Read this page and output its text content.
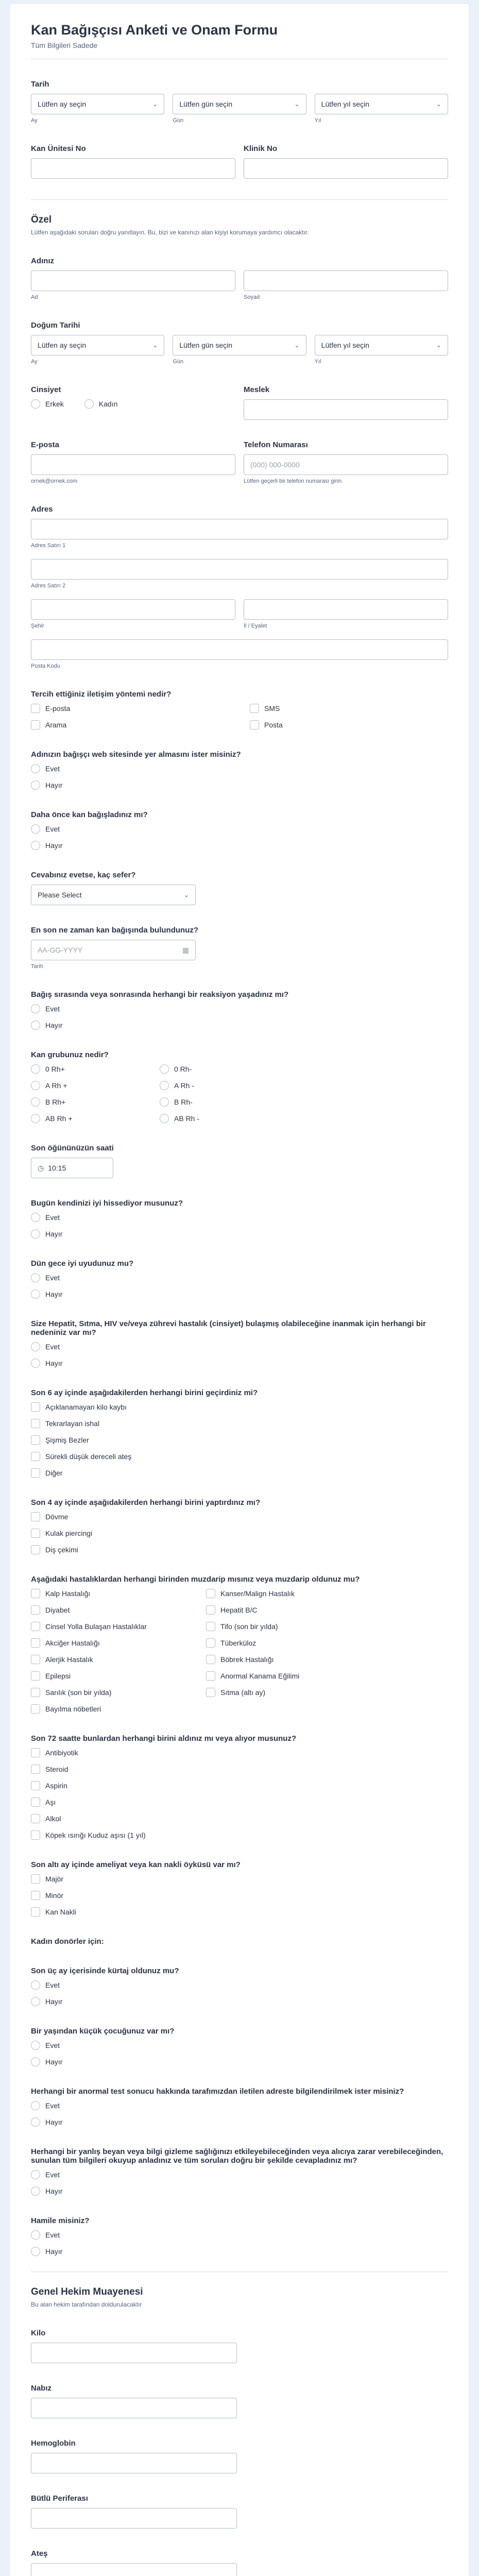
Kan Bağışçısı Anketi ve Onam Formu
Tüm Bilgileri Sadede
Tarih
Lütfen ay seçin	⌄
Ay
Lütfen gün seçin	⌄
Gün
Lütfen yıl seçin	⌄
Yıl
Kan Ünitesi No	Klinik No
Özel
Lütfen aşağıdaki soruları doğru yanıtlayın. Bu, bizi ve kanınızı alan kişiyi korumaya yardımcı olacaktır.
Adınız
Ad	Soyad
Doğum Tarihi
Lütfen ay seçin	⌄
Ay
Lütfen gün seçin	⌄
Gün
Lütfen yıl seçin	⌄
Yıl
Cinsiyet
Erkek	Kadın
Meslek
E-posta
ornek@ornek.com
Telefon Numarası
(000) 000-0000
Lütfen geçerli bir telefon numarası girin.
Adres
Adres Satırı 1
Adres Satırı 2
Şehir	İl / Eyalet
Posta Kodu
Tercih ettiğiniz iletişim yöntemi nedir?
E-posta	SMS
Arama	Posta
Adınızın bağışçı web sitesinde yer almasını ister misiniz?
Evet
Hayır
Daha önce kan bağışladınız mı?
Evet
Hayır
Cevabınız evetse, kaç sefer?
Please Select	⌄
En son ne zaman kan bağışında bulundunuz?
AA-GG-YYYY	▦
Tarih
Bağış sırasında veya sonrasında herhangi bir reaksiyon yaşadınız mı?
Evet
Hayır
Kan grubunuz nedir?
0 Rh+	0 Rh-
A Rh +	A Rh -
B Rh+	B Rh-
AB Rh +	AB Rh -
Son öğününüzün saati
◷ 10:15
Bugün kendinizi iyi hissediyor musunuz?
Evet
Hayır
Dün gece iyi uyudunuz mu?
Evet
Hayır
Size Hepatit, Sıtma, HIV ve/veya zührevi hastalık (cinsiyet) bulaşmış olabileceğine inanmak için herhangi bir nedeniniz var mı?
Evet
Hayır
Son 6 ay içinde aşağıdakilerden herhangi birini geçirdiniz mi?
Açıklanamayan kilo kaybı
Tekrarlayan ishal
Şişmiş Bezler
Sürekli düşük dereceli ateş
Diğer
Son 4 ay içinde aşağıdakilerden herhangi birini yaptırdınız mı?
Dövme
Kulak piercingi
Diş çekimi
Aşağıdaki hastalıklardan herhangi birinden muzdarip mısınız veya muzdarip oldunuz mu?
Kalp Hastalığı	Kanser/Malign Hastalık
Diyabet	Hepatit B/C
Cinsel Yolla Bulaşan Hastalıklar	Tifo (son bir yılda)
Akciğer Hastalığı	Tüberküloz
Alerjik Hastalık	Böbrek Hastalığı
Epilepsi	Anormal Kanama Eğilimi
Sarılık (son bir yılda)	Sıtma (altı ay)
Bayılma nöbetleri
Son 72 saatte bunlardan herhangi birini aldınız mı veya alıyor musunuz?
Antibiyotik
Steroid
Aspirin
Aşı
Alkol
Köpek ısırığı Kuduz aşısı (1 yıl)
Son altı ay içinde ameliyat veya kan nakli öyküsü var mı?
Majör
Minör
Kan Nakli
Kadın donörler için:
Son üç ay içerisinde kürtaj oldunuz mu?
Evet
Hayır
Bir yaşından küçük çocuğunuz var mı?
Evet
Hayır
Herhangi bir anormal test sonucu hakkında tarafımızdan iletilen adreste bilgilendirilmek ister misiniz?
Evet
Hayır
Herhangi bir yanlış beyan veya bilgi gizleme sağlığınızı etkileyebileceğinden veya alıcıya zarar verebileceğinden, sunulan tüm bilgileri okuyup anladınız ve tüm soruları doğru bir şekilde cevapladınız mı?
Evet
Hayır
Hamile misiniz?
Evet
Hayır
Genel Hekim Muayenesi
Bu alan hekim tarafından doldurulacaktır
Kilo
Nabız
Hemoglobin
Bütlü Periferası
Ateş
